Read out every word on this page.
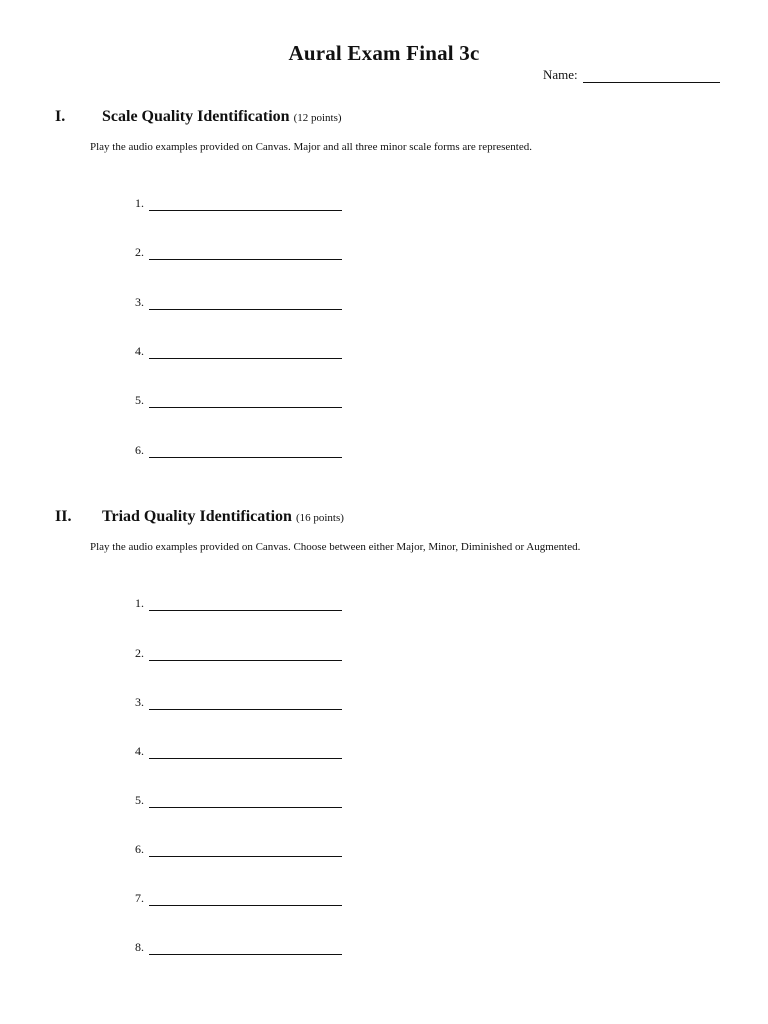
Aural Exam Final 3c
Name:
I.	Scale Quality Identification (12 points)
Play the audio examples provided on Canvas. Major and all three minor scale forms are represented.
1.
2.
3.
4.
5.
6.
II.	Triad Quality Identification (16 points)
Play the audio examples provided on Canvas. Choose between either Major, Minor, Diminished or Augmented.
1.
2.
3.
4.
5.
6.
7.
8.
